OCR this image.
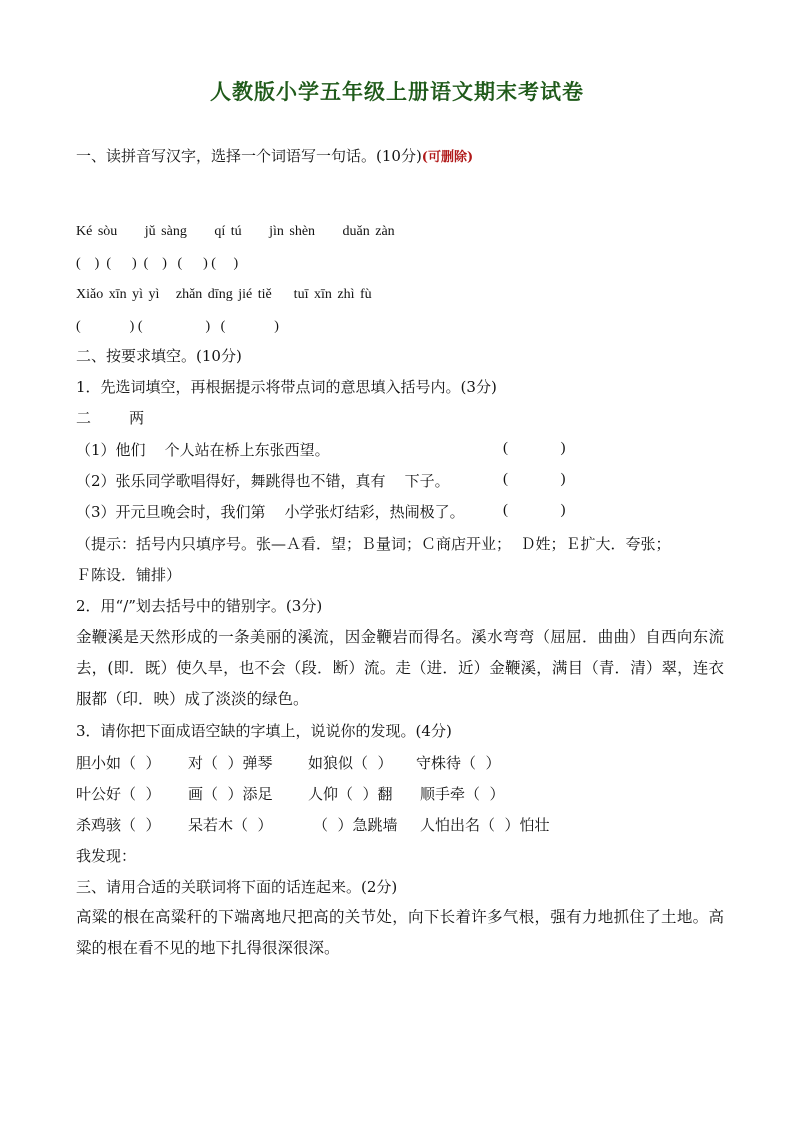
人教版小学五年级上册语文期末考试卷
一、读拼音写汉字，选择一个词语写一句话。(10分)(可删除)
Ké sòu     jǔ sàng     qí tú     jìn shèn     duǎn zàn
(    )  (      )  (    )   (      ) (     )
Xiǎo xīn yì yì   zhǎn dīng jié tiě    tuī xīn zhì fù
(              ) (                  )   (              )
二、按要求填空。(10分)
1．先选词填空，再根据提示将带点词的意思填入括号内。(3分)
二        两
（1）他们    个人站在桥上东张西望。	(              )
（2）张乐同学歌唱得好，舞跳得也不错，真有    下子。	(              )
（3）开元旦晚会时，我们第    小学张灯结彩，热闹极了。	(              )
（提示：括号内只填序号。张—Ａ看．望；Ｂ量词；Ｃ商店开业；  Ｄ姓；Ｅ扩大．夸张；
Ｆ陈设．铺排）
2．用“/”划去括号中的错别字。(3分)
金鞭溪是天然形成的一条美丽的溪流，因金鞭岩而得名。溪水弯弯（屈屈．曲曲）自西向东流去，(即．既）使久旱，也不会（段．断）流。走（进．近）金鞭溪，满目（青．清）翠，连衣服都（印．映）成了淡淡的绿色。
3．请你把下面成语空缺的字填上，说说你的发现。(4分)
胆小如（  ） 对（  ）弹琴 如狼似（  ） 守株待（  ）
叶公好（  ） 画（  ）添足 人仰（  ）翻 顺手牵（  ）
杀鸡骇（  ） 呆若木（  ）	（  ）急跳墙 人怕出名（  ）怕壮
我发现：
三、请用合适的关联词将下面的话连起来。(2分)
高粱的根在高粱秆的下端离地尺把高的关节处，向下长着许多气根，强有力地抓住了土地。高粱的根在看不见的地下扎得很深很深。
